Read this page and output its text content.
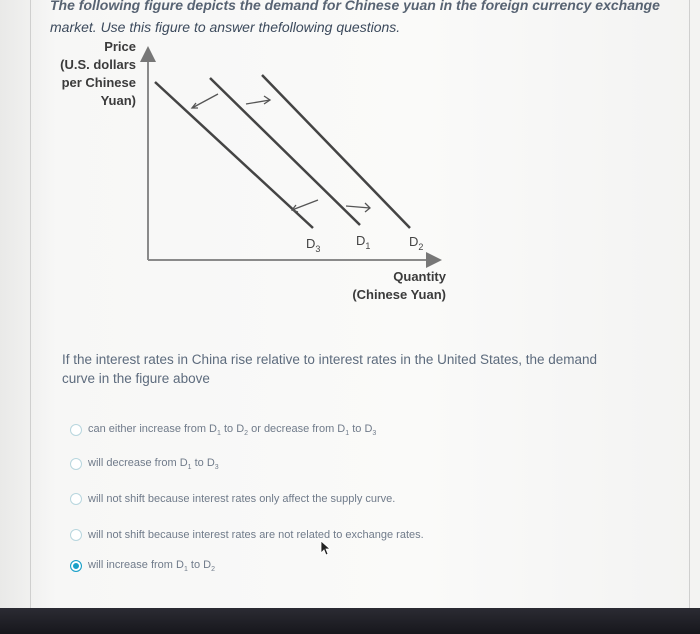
The following figure depicts the demand for Chinese yuan in the foreign currency exchange
market. Use this figure to answer thefollowing questions.
Price
(U.S. dollars
per Chinese
Yuan)
$D_3$
$D_1$	$D_2$
Quantity
(Chinese Yuan)
If the interest rates in China rise relative to interest rates in the United States, the demand curve in the figure above
can either increase from $D_1$ to $D_2$ or decrease from $D_1$ to $D_3$
will decrease from $D_1$ to $D_3$
will not shift because interest rates only affect the supply curve.
will not shift because interest rates are not related to exchange rates.
will increase from $D_1$ to $D_2$
